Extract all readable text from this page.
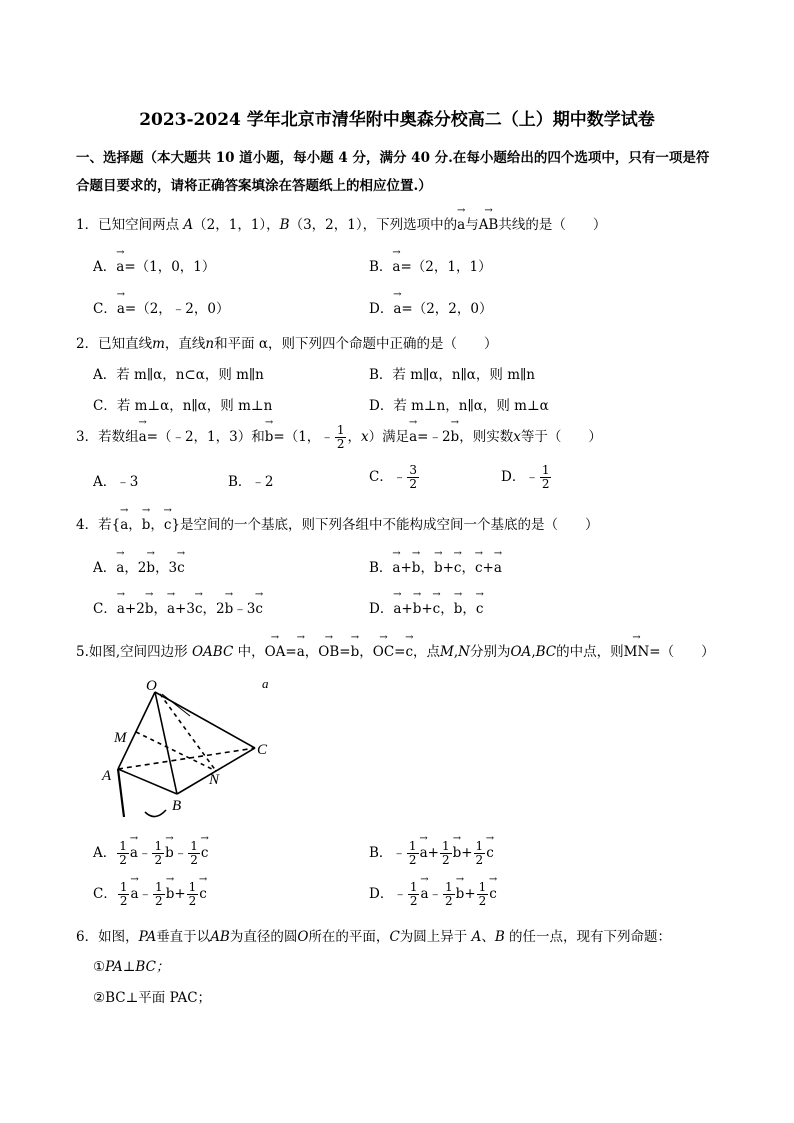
2023-2024 学年北京市清华附中奥森分校高二（上）期中数学试卷
一、选择题（本大题共 10 道小题，每小题 4 分，满分 40 分.在每小题给出的四个选项中，只有一项是符
合题目要求的，请将正确答案填涂在答题纸上的相应位置.）
1．已知空间两点 A（2，1，1），B（3，2，1），下列选项中的→ a与→ AB共线的是（　　）
A．→ a=（1，0，1）	B．→ a=（2，1，1）
C．→ a=（2，﹣2，0）	D．→ a=（2，2，0）
2．已知直线m，直线n和平面 α，则下列四个命题中正确的是（　　）
A．若 m∥α，n⊂α，则 m∥n	B．若 m∥α，n∥α，则 m∥n
C．若 m⊥α，n∥α，则 m⊥n	D．若 m⊥n，n∥α，则 m⊥α
3．若数组→ a=（﹣2，1，3）和→ b=（1，﹣ $\frac{1}{2}$ ，x）满足→ a=﹣2→ b，则实数x等于（　　）
A．﹣3	B．﹣2	C．﹣ $\frac{3}{2}$	D．﹣ $\frac{1}{2}$
4．若{→ a，→ b，→ c}是空间的一个基底，则下列各组中不能构成空间一个基底的是（　　）
A．→ a，2→ b，3→ c	B．→ a+→ b，→ b+→ c，→ c+→ a
C．→ a+2→ b，→ a+3→ c，2→ b﹣3→ c	D．→ a+→ b+→ c，→ b，→ c
5.如图,空间四边形 OABC 中，→ OA=→ a，→ OB=→ b，→ OC=→ c，点M,N分别为OA,BC的中点，则→ MN=（　　）
O
M
A
B
C
N
a
A． $\frac{1}{2}$
→ a﹣ $\frac{1}{2}$
→ b﹣ $\frac{1}{2}$
→ c	B．﹣ $\frac{1}{2}$
→ $a+ \frac{1}{2}$
→ $b+ \frac{1}{2}$
→ c
C． $\frac{1}{2}$
→ a﹣ $\frac{1}{2}$
→ $b+ \frac{1}{2}$
→ c	D．﹣ $\frac{1}{2}$
→ a﹣ $\frac{1}{2}$
→ $b+ \frac{1}{2}$
→ c
6．如图，PA垂直于以AB为直径的圆O所在的平面，C为圆上异于 A、B 的任一点，现有下列命题：
①PA⊥BC；
②BC⊥平面 PAC；
